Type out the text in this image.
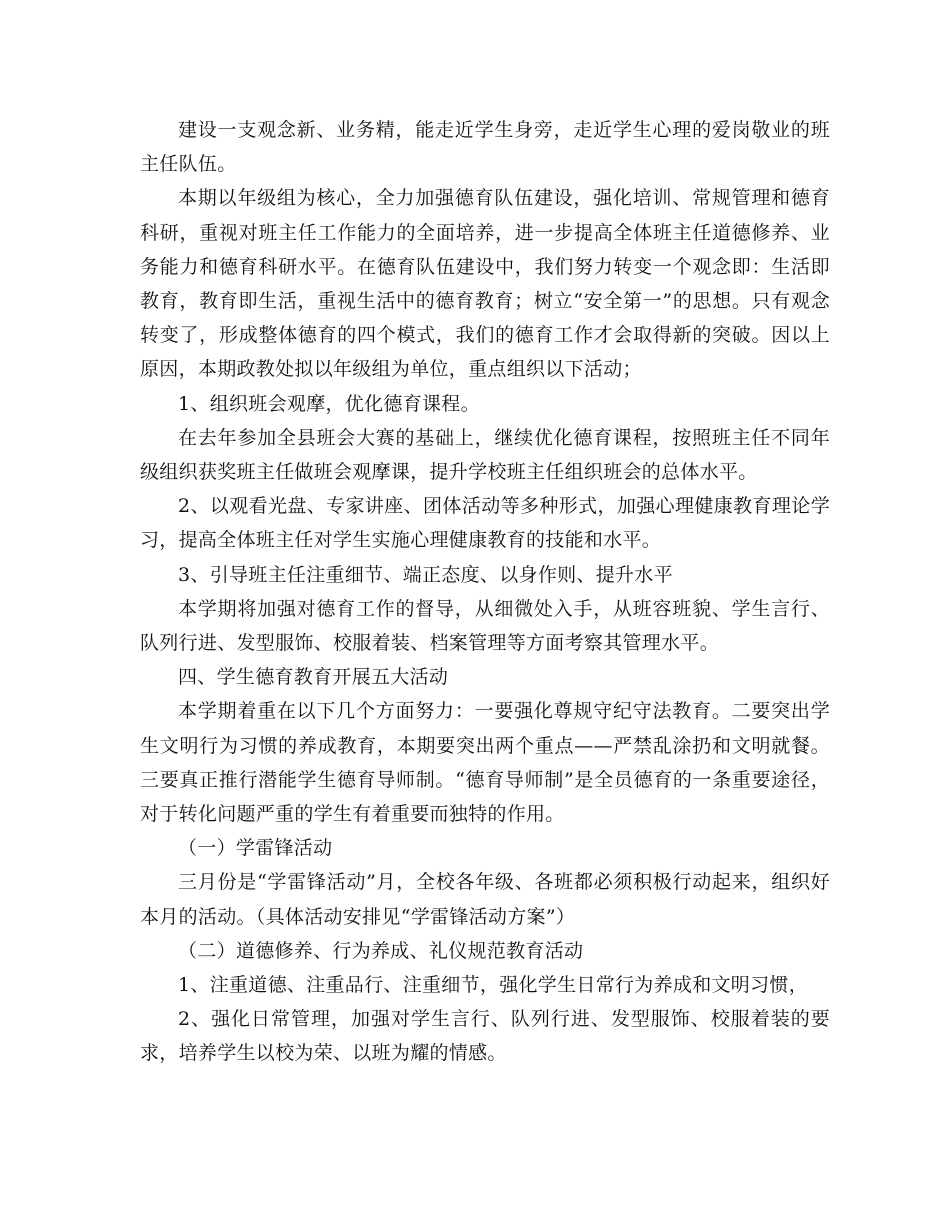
建设一支观念新、业务精，能走近学生身旁，走近学生心理的爱岗敬业的班主任队伍。

本期以年级组为核心，全力加强德育队伍建设，强化培训、常规管理和德育科研，重视对班主任工作能力的全面培养，进一步提高全体班主任道德修养、业务能力和德育科研水平。在德育队伍建设中，我们努力转变一个观念即：生活即教育，教育即生活，重视生活中的德育教育；树立“安全第一”的思想。只有观念转变了，形成整体德育的四个模式，我们的德育工作才会取得新的突破。因以上原因，本期政教处拟以年级组为单位，重点组织以下活动；

1、组织班会观摩，优化德育课程。

在去年参加全县班会大赛的基础上，继续优化德育课程，按照班主任不同年级组织获奖班主任做班会观摩课，提升学校班主任组织班会的总体水平。

2、以观看光盘、专家讲座、团体活动等多种形式，加强心理健康教育理论学习，提高全体班主任对学生实施心理健康教育的技能和水平。

3、引导班主任注重细节、端正态度、以身作则、提升水平

本学期将加强对德育工作的督导，从细微处入手，从班容班貌、学生言行、队列行进、发型服饰、校服着装、档案管理等方面考察其管理水平。

四、学生德育教育开展五大活动

本学期着重在以下几个方面努力：一要强化尊规守纪守法教育。二要突出学生文明行为习惯的养成教育，本期要突出两个重点——严禁乱涂扔和文明就餐。三要真正推行潜能学生德育导师制。“德育导师制”是全员德育的一条重要途径，对于转化问题严重的学生有着重要而独特的作用。

（一）学雷锋活动

三月份是“学雷锋活动”月，全校各年级、各班都必须积极行动起来，组织好本月的活动。（具体活动安排见“学雷锋活动方案”）

（二）道德修养、行为养成、礼仪规范教育活动

1、注重道德、注重品行、注重细节，强化学生日常行为养成和文明习惯，

2、强化日常管理，加强对学生言行、队列行进、发型服饰、校服着装的要求，培养学生以校为荣、以班为耀的情感。
